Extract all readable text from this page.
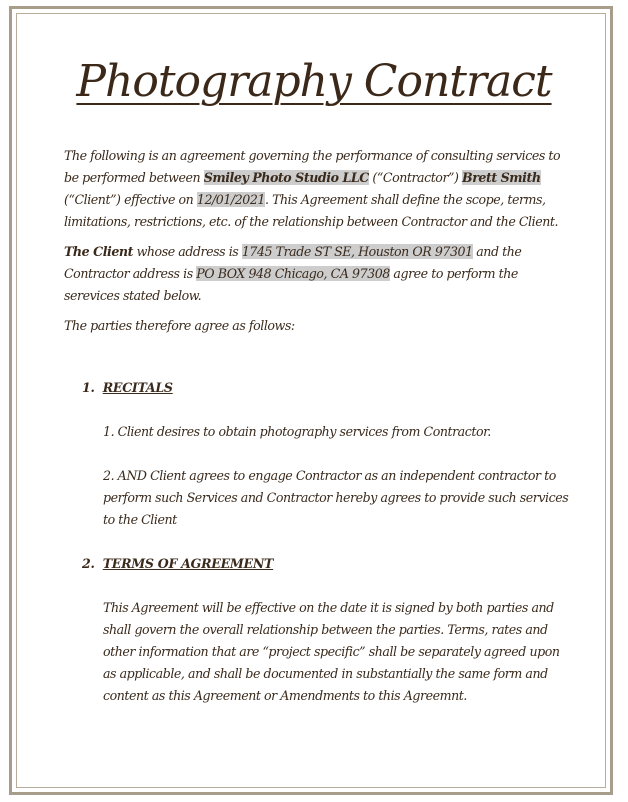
Photography Contract
The following is an agreement governing the performance of consulting services to
be performed between Smiley Photo Studio LLC (“Contractor”) Brett Smith
(“Client”) effective on 12/01/2021. This Agreement shall define the scope, terms,
limitations, restrictions, etc. of the relationship between Contractor and the Client.
The Client whose address is 1745 Trade ST SE, Houston OR 97301 and the
Contractor address is PO BOX 948 Chicago, CA 97308 agree to perform the
serevices stated below.
The parties therefore agree as follows:
1. RECITALS
1. Client desires to obtain photography services from Contractor.
2. AND Client agrees to engage Contractor as an independent contractor to
perform such Services and Contractor hereby agrees to provide such services
to the Client
2. TERMS OF AGREEMENT
This Agreement will be effective on the date it is signed by both parties and
shall govern the overall relationship between the parties. Terms, rates and
other information that are “project specific” shall be separately agreed upon
as applicable, and shall be documented in substantially the same form and
content as this Agreement or Amendments to this Agreemnt.
